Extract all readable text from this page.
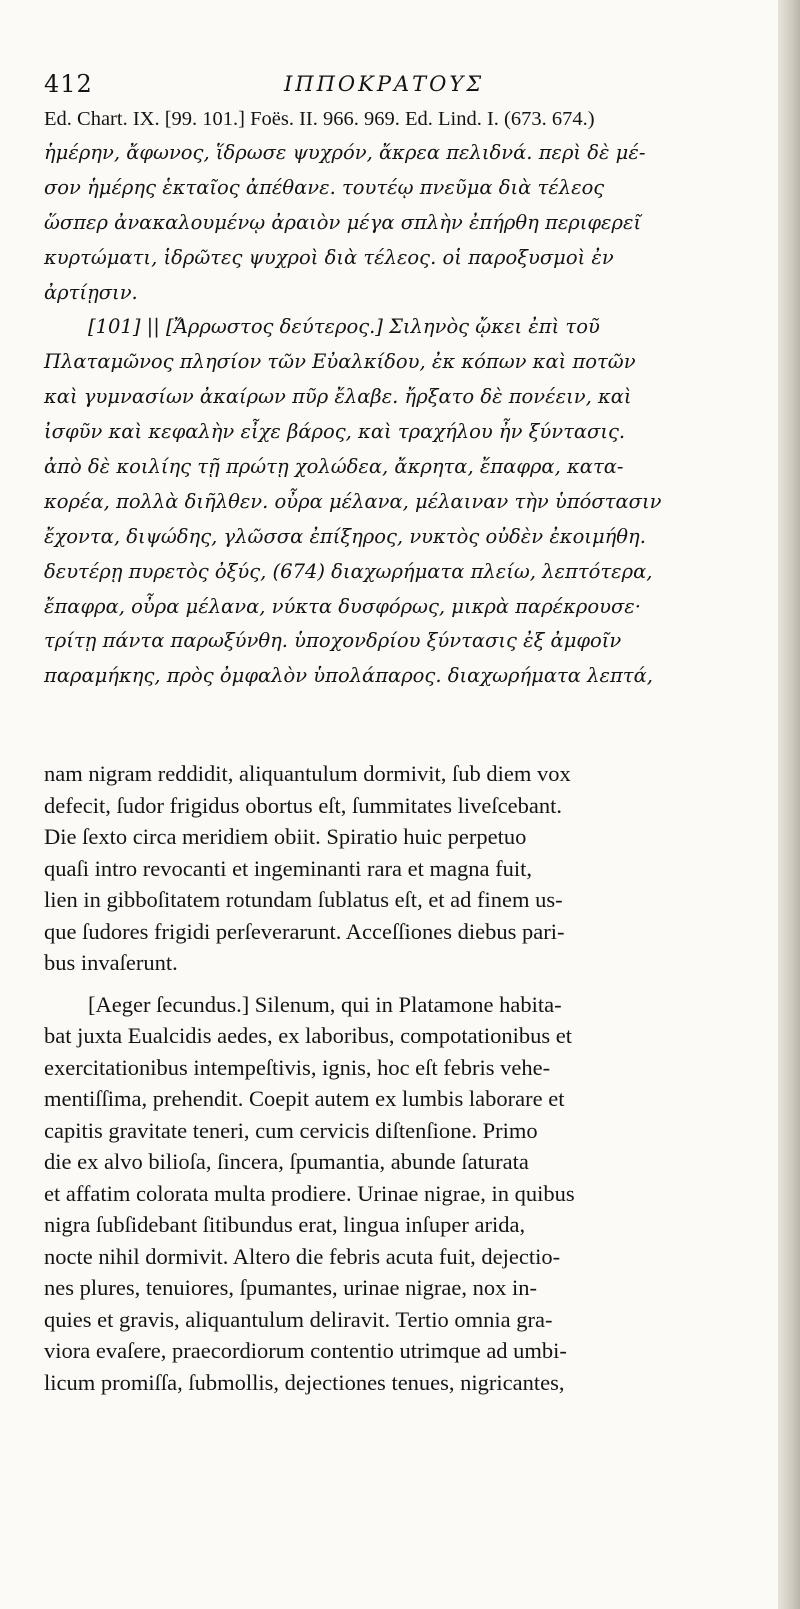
412	ΙΠΠΟΚΡΑΤΟΥΣ
Ed. Chart. IX. [99. 101.] Foës. II. 966. 969. Ed. Lind. I. (673. 674.)
ἡμέρην, ἄφωνος, ἵδρωσε ψυχρόν, ἄκρεα πελιδνά. περὶ δὲ μέ-
σον ἡμέρης ἑκταῖος ἀπέθανε. τουτέῳ πνεῦμα διὰ τέλεος
ὥσπερ ἀνακαλουμένῳ ἀραιὸν μέγα σπλὴν ἐπήρθη περιφερεῖ
κυρτώματι, ἱδρῶτες ψυχροὶ διὰ τέλεος. οἱ παροξυσμοὶ ἐν
ἀρτίῃσιν.
[101] || [Ἄρρωστος δεύτερος.] Σιληνὸς ᾤκει ἐπὶ τοῦ
Πλαταμῶνος πλησίον τῶν Εὐαλκίδου, ἐκ κόπων καὶ ποτῶν
καὶ γυμνασίων ἀκαίρων πῦρ ἔλαβε. ἤρξατο δὲ πονέειν, καὶ
ἰσφῦν καὶ κεφαλὴν εἶχε βάρος, καὶ τραχήλου ἦν ξύντασις.
ἀπὸ δὲ κοιλίης τῇ πρώτῃ χολώδεα, ἄκρητα, ἔπαφρα, κατα-
κορέα, πολλὰ διῆλθεν. οὖρα μέλανα, μέλαιναν τὴν ὑπόστασιν
ἔχοντα, διψώδης, γλῶσσα ἐπίξηρος, νυκτὸς οὐδὲν ἐκοιμήθη.
δευτέρῃ πυρετὸς ὀξύς, (674) διαχωρήματα πλείω, λεπτότερα,
ἔπαφρα, οὖρα μέλανα, νύκτα δυσφόρως, μικρὰ παρέκρουσε·
τρίτῃ πάντα παρωξύνθη. ὑποχονδρίου ξύντασις ἐξ ἀμφοῖν
παραμήκης, πρὸς ὀμφαλὸν ὑπολάπαρος. διαχωρήματα λεπτά,
nam nigram reddidit, aliquantulum dormivit, ſub diem vox
defecit, ſudor frigidus obortus eſt, ſummitates liveſcebant.
Die ſexto circa meridiem obiit. Spiratio huic perpetuo
quaſi intro revocanti et ingeminanti rara et magna fuit,
lien in gibboſitatem rotundam ſublatus eſt, et ad finem us-
que ſudores frigidi perſeverarunt. Acceſſiones diebus pari-
bus invaſerunt.
[Aeger ſecundus.] Silenum, qui in Platamone habita-
bat juxta Eualcidis aedes, ex laboribus, compotationibus et
exercitationibus intempeſtivis, ignis, hoc eſt febris vehe-
mentiſſima, prehendit. Coepit autem ex lumbis laborare et
capitis gravitate teneri, cum cervicis diſtenſione. Primo
die ex alvo bilioſa, ſincera, ſpumantia, abunde ſaturata
et affatim colorata multa prodiere. Urinae nigrae, in quibus
nigra ſubſidebant ſitibundus erat, lingua inſuper arida,
nocte nihil dormivit. Altero die febris acuta fuit, dejectio-
nes plures, tenuiores, ſpumantes, urinae nigrae, nox in-
quies et gravis, aliquantulum deliravit. Tertio omnia gra-
viora evaſere, praecordiorum contentio utrimque ad umbi-
licum promiſſa, ſubmollis, dejectiones tenues, nigricantes,
